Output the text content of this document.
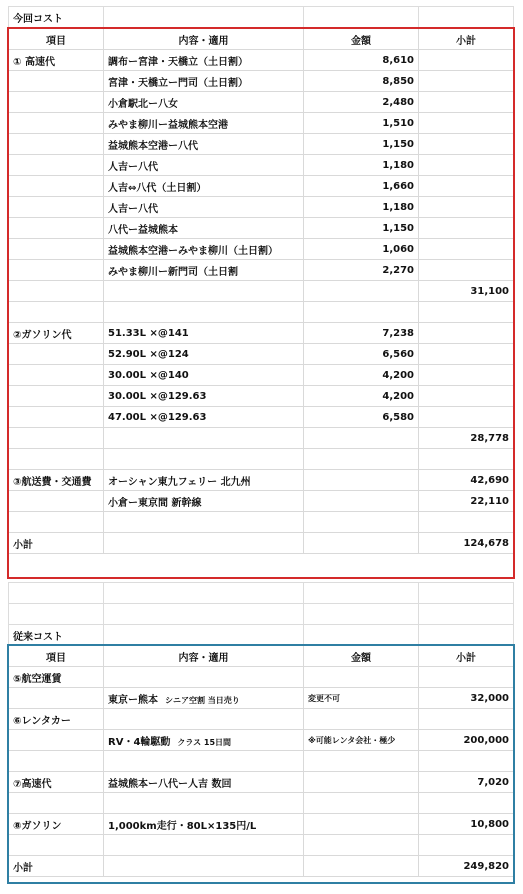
今回コスト			
項目	内容・適用	金額	小計
① 高速代	調布ー宮津・天橋立（土日割）	8,610	
	宮津・天橋立ー門司（土日割）	8,850	
	小倉駅北ー八女	2,480	
	みやま柳川ー益城熊本空港	1,510	
	益城熊本空港ー八代	1,150	
	人吉ー八代	1,180	
	人吉⇔八代（土日割）	1,660	
	人吉ー八代	1,180	
	八代ー益城熊本	1,150	
	益城熊本空港ーみやま柳川（土日割）	1,060	
	みやま柳川ー新門司（土日割	2,270	
			31,100

②ガソリン代	51.33L ×@141	7,238	
	52.90L ×@124	6,560	
	30.00L ×@140	4,200	
	30.00L ×@129.63	4,200	
	47.00L ×@129.63	6,580	
			28,778

③航送費・交通費	オーシャン東九フェリー 北九州		42,690
	小倉ー東京間 新幹線		22,110

小計			124,678

従来コスト			
項目	内容・適用	金額	小計
⑤航空運賃			
	東京ー熊本 シニア空割 当日売り	変更不可	32,000
⑥レンタカー			
	RV・4輪駆動 クラス 15日間	※可能レンタ会社・極少	200,000

⑦高速代	益城熊本ー八代ー人吉 数回		7,020

⑧ガソリン	1,000km走行・80L×135円/L		10,800

小計			249,820
